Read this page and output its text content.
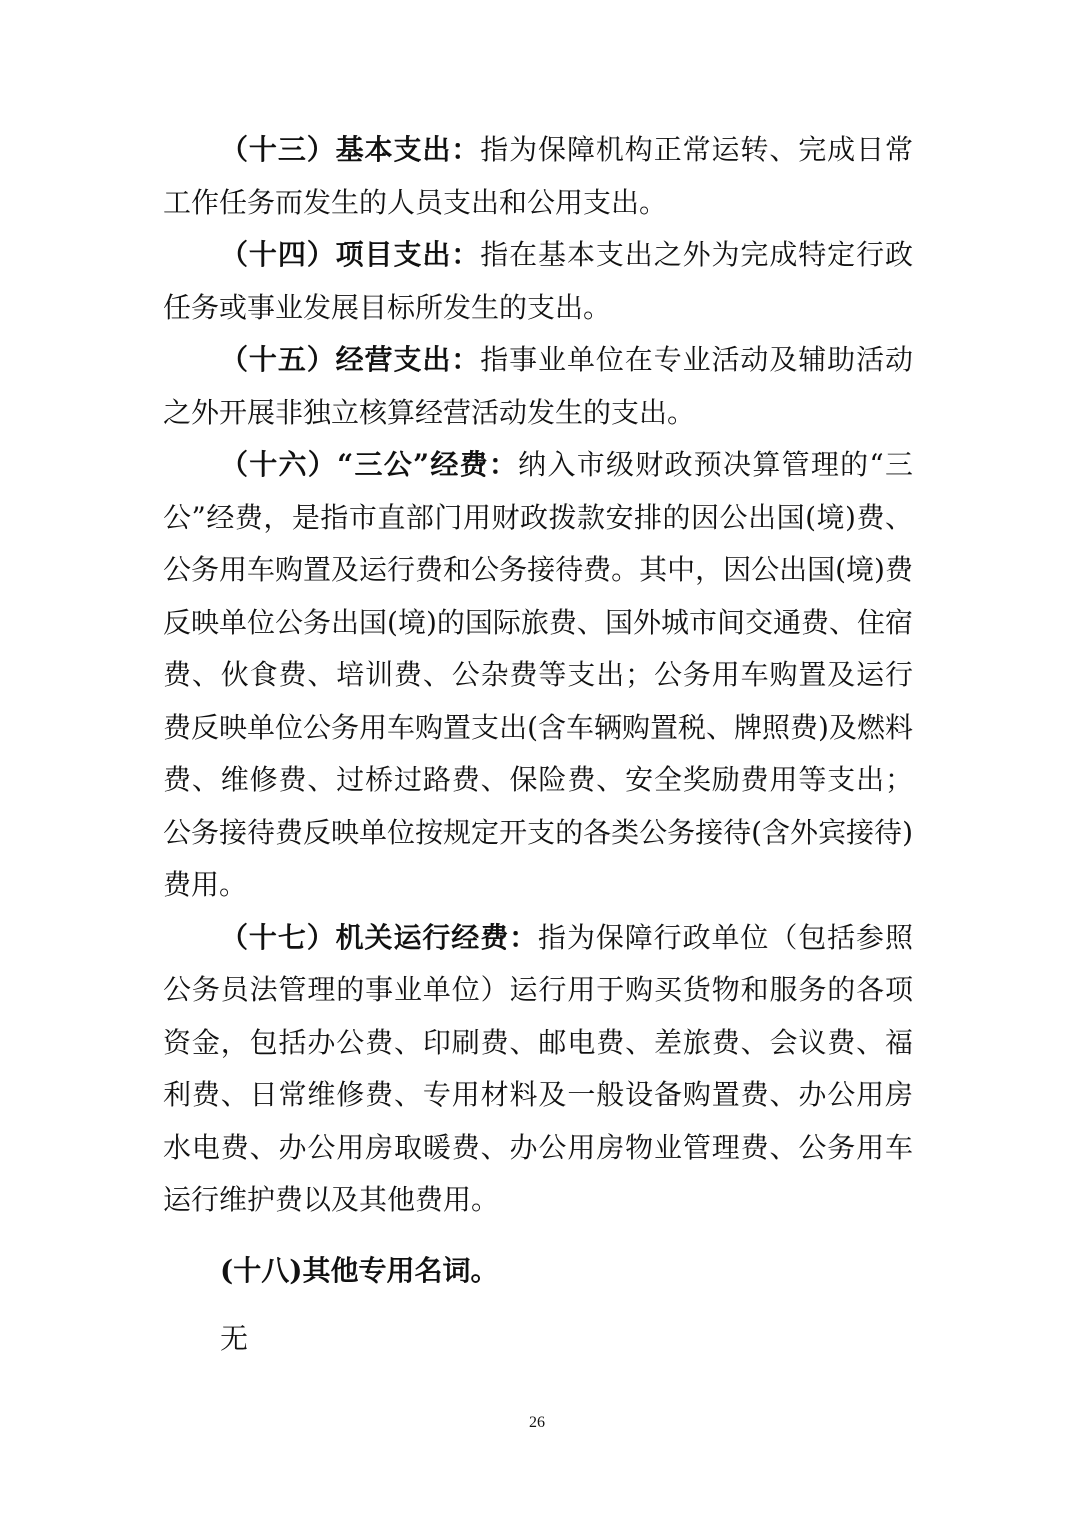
（十三）基本支出：指为保障机构正常运转、完成日常工作任务而发生的人员支出和公用支出。

（十四）项目支出：指在基本支出之外为完成特定行政任务或事业发展目标所发生的支出。

（十五）经营支出：指事业单位在专业活动及辅助活动之外开展非独立核算经营活动发生的支出。

（十六）“三公”经费：纳入市级财政预决算管理的“三公”经费，是指市直部门用财政拨款安排的因公出国(境)费、公务用车购置及运行费和公务接待费。其中，因公出国(境)费反映单位公务出国(境)的国际旅费、国外城市间交通费、住宿费、伙食费、培训费、公杂费等支出；公务用车购置及运行费反映单位公务用车购置支出(含车辆购置税、牌照费)及燃料费、维修费、过桥过路费、保险费、安全奖励费用等支出；公务接待费反映单位按规定开支的各类公务接待(含外宾接待)费用。

（十七）机关运行经费：指为保障行政单位（包括参照公务员法管理的事业单位）运行用于购买货物和服务的各项资金，包括办公费、印刷费、邮电费、差旅费、会议费、福利费、日常维修费、专用材料及一般设备购置费、办公用房水电费、办公用房取暖费、办公用房物业管理费、公务用车运行维护费以及其他费用。

(十八)其他专用名词。

无

26
